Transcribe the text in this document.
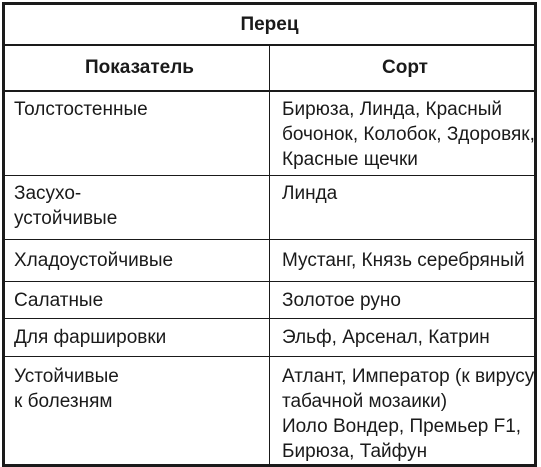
Перец	
Показатель	Сорт

Толстостенные	Бирюза, Линда, Красный
бочонок, Колобок, Здоровяк,
Красные щечки

Засухо-
устойчивые	Линда

Хладоустойчивые	Мустанг, Князь серебряный

Салатные	Золотое руно

Для фаршировки	Эльф, Арсенал, Катрин

Устойчивые
к болезням	Атлант, Император (к вирусу
табачной мозаики)
Иоло Вондер, Премьер F1,
Бирюза, Тайфун
